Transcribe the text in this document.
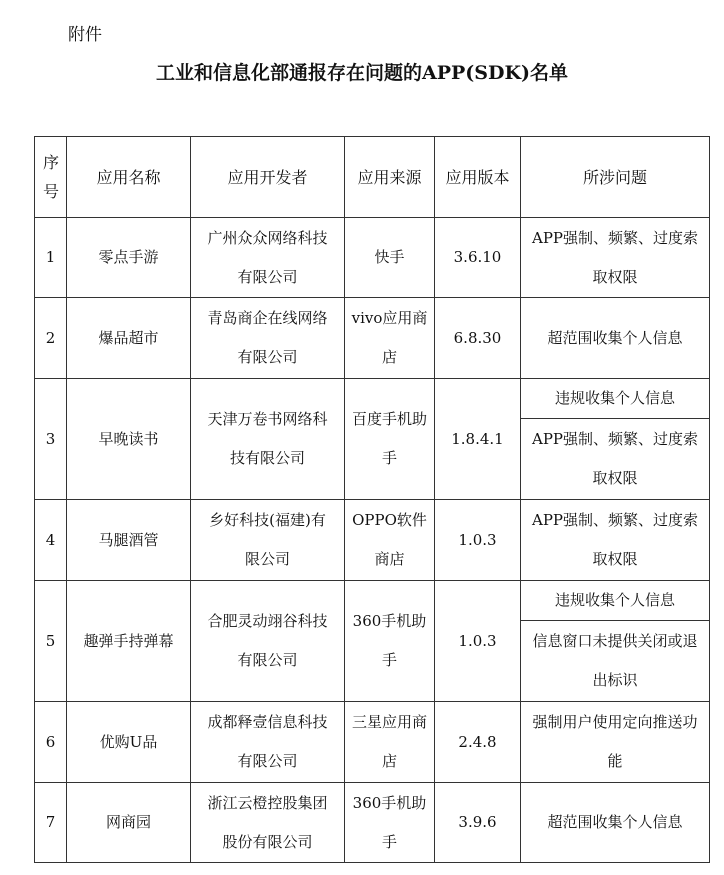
附件
工业和信息化部通报存在问题的APP(SDK)名单
序号	应用名称	应用开发者	应用来源	应用版本	所涉问题
1	零点手游	广州众众网络科技有限公司	快手	3.6.10	APP强制、频繁、过度索取权限
2	爆品超市	青岛商企在线网络有限公司	vivo应用商店	6.8.30	超范围收集个人信息
3	早晚读书	天津万卷书网络科技有限公司	百度手机助手	1.8.4.1	违规收集个人信息
					APP强制、频繁、过度索取权限
4	马腿酒管	乡好科技(福建)有限公司	OPPO软件商店	1.0.3	APP强制、频繁、过度索取权限
5	趣弹手持弹幕	合肥灵动翊谷科技有限公司	360手机助手	1.0.3	违规收集个人信息
					信息窗口未提供关闭或退出标识
6	优购U品	成都释壹信息科技有限公司	三星应用商店	2.4.8	强制用户使用定向推送功能
7	网商园	浙江云橙控股集团股份有限公司	360手机助手	3.9.6	超范围收集个人信息
